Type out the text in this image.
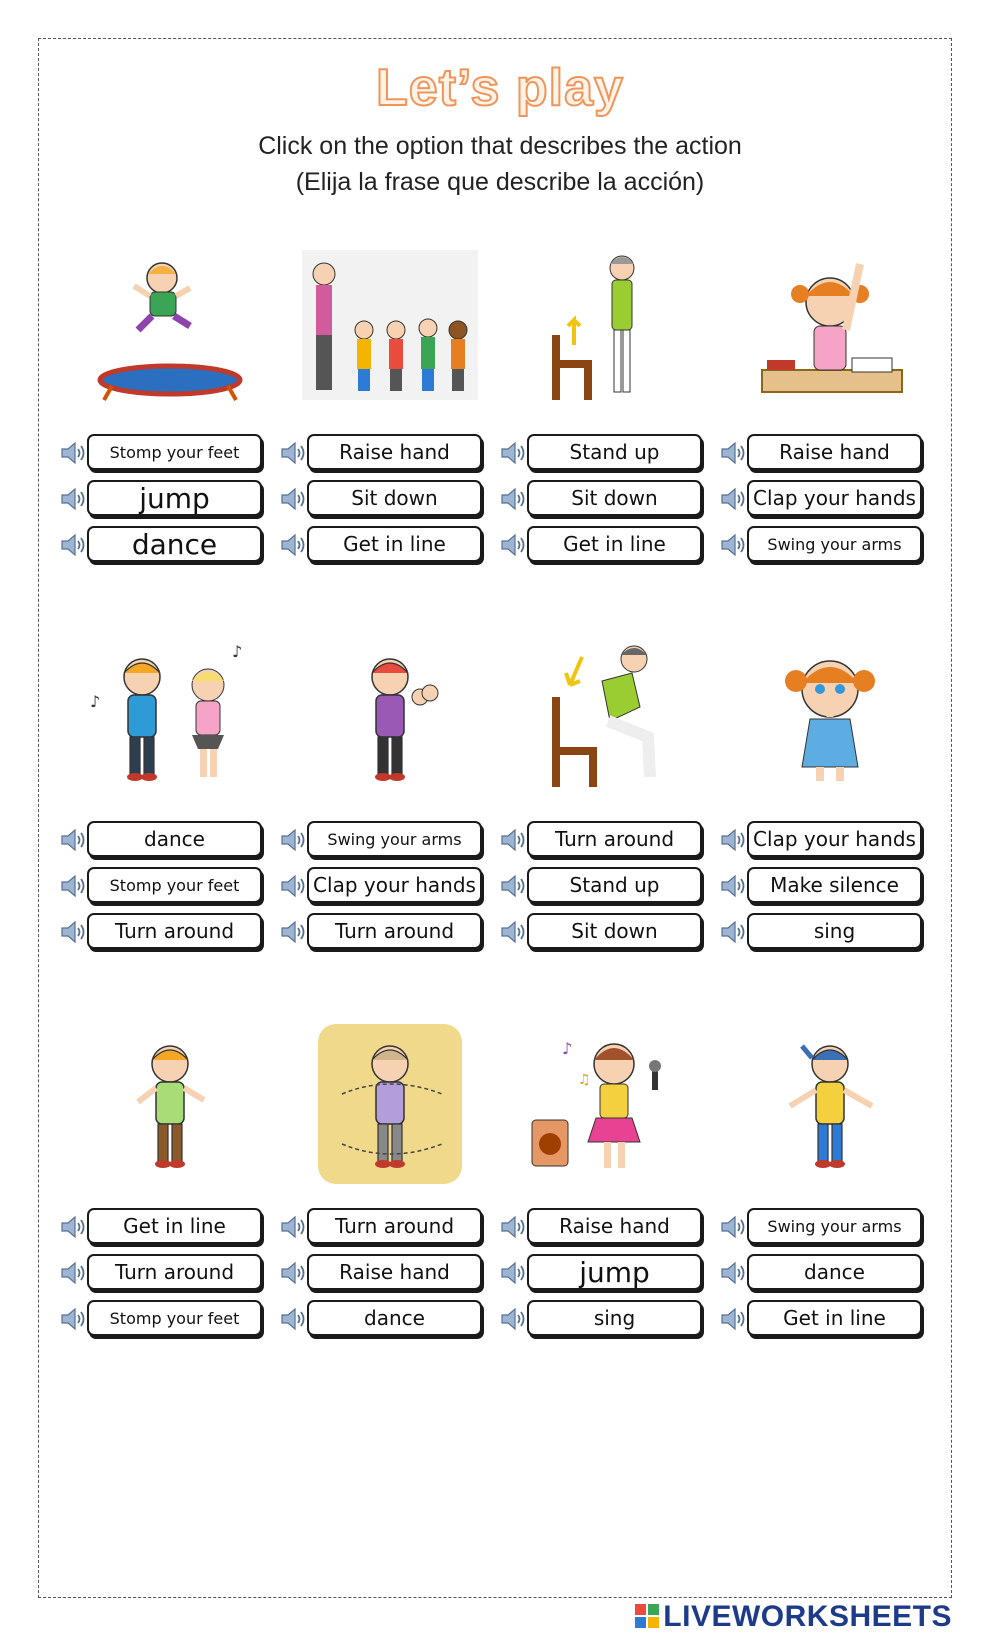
Let’s play
Click on the option that describes the action
(Elija la frase que describe la acción)
Stomp your feet
jump
dance
Raise hand
Sit down
Get in line
Stand up
Sit down
Get in line
Raise hand
Clap your hands
Swing your arms
♪
♪
dance
Stomp your feet
Turn around
Swing your arms
Clap your hands
Turn around
Turn around
Stand up
Sit down
Clap your hands
Make silence
sing
Get in line
Turn around
Stomp your feet
Turn around
Raise hand
dance
♪
♫
Raise hand
jump
sing
Swing your arms
dance
Get in line
LIVEWORKSHEETS
